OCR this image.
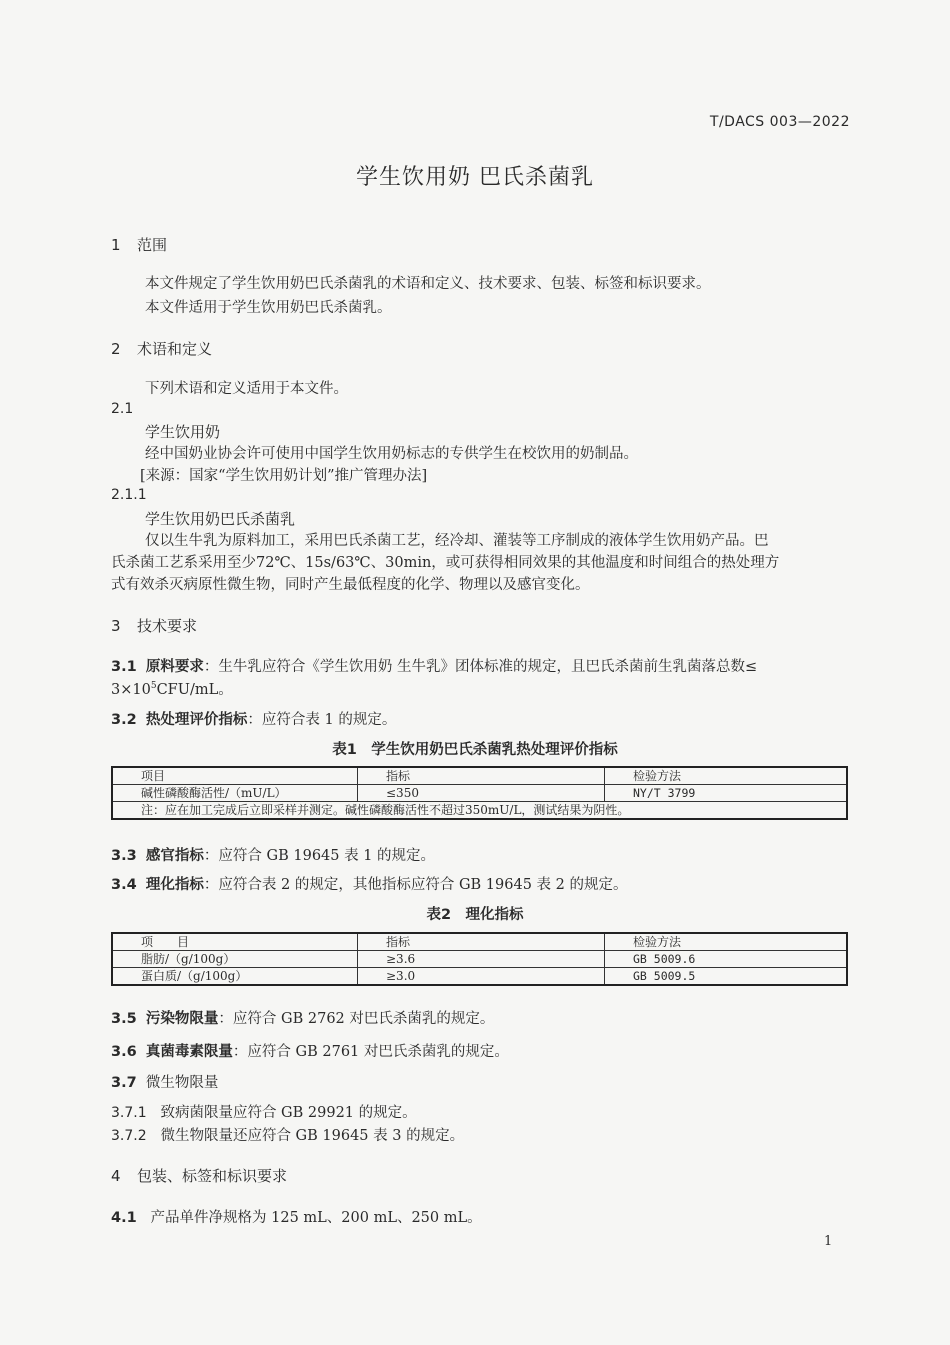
T/DACS 003—2022
学生饮用奶 巴氏杀菌乳
1 范围
本文件规定了学生饮用奶巴氏杀菌乳的术语和定义、技术要求、包装、标签和标识要求。
本文件适用于学生饮用奶巴氏杀菌乳。
2 术语和定义
下列术语和定义适用于本文件。
2.1
学生饮用奶
经中国奶业协会许可使用中国学生饮用奶标志的专供学生在校饮用的奶制品。
[来源：国家“学生饮用奶计划”推广管理办法]
2.1.1
学生饮用奶巴氏杀菌乳
仅以生牛乳为原料加工，采用巴氏杀菌工艺，经冷却、灌装等工序制成的液体学生饮用奶产品。巴
氏杀菌工艺系采用至少72℃、15s/63℃、30min，或可获得相同效果的其他温度和时间组合的热处理方
式有效杀灭病原性微生物，同时产生最低程度的化学、物理以及感官变化。
3 技术要求
3.1 原料要求：生牛乳应符合《学生饮用奶 生牛乳》团体标准的规定，且巴氏杀菌前生乳菌落总数≤
$3\times 10^5CFU/mL$。
3.2 热处理评价指标：应符合表 1 的规定。
表1　学生饮用奶巴氏杀菌乳热处理评价指标
项目	指标	检验方法
碱性磷酸酶活性/（mU/L）	≤350	NY/T 3799
注：应在加工完成后立即采样并测定。碱性磷酸酶活性不超过350mU/L，测试结果为阴性。		
3.3 感官指标：应符合 GB 19645 表 1 的规定。
3.4 理化指标：应符合表 2 的规定，其他指标应符合 GB 19645 表 2 的规定。
表2　理化指标
项　　目	指标	检验方法
脂肪/（g/100g）	≥3.6	GB 5009.6
蛋白质/（g/100g）	≥3.0	GB 5009.5
3.5 污染物限量：应符合 GB 2762 对巴氏杀菌乳的规定。
3.6 真菌毒素限量：应符合 GB 2761 对巴氏杀菌乳的规定。
3.7 微生物限量
3.7.1 致病菌限量应符合 GB 29921 的规定。
3.7.2 微生物限量还应符合 GB 19645 表 3 的规定。
4 包装、标签和标识要求
4.1 产品单件净规格为 125 mL、200 mL、250 mL。
1
